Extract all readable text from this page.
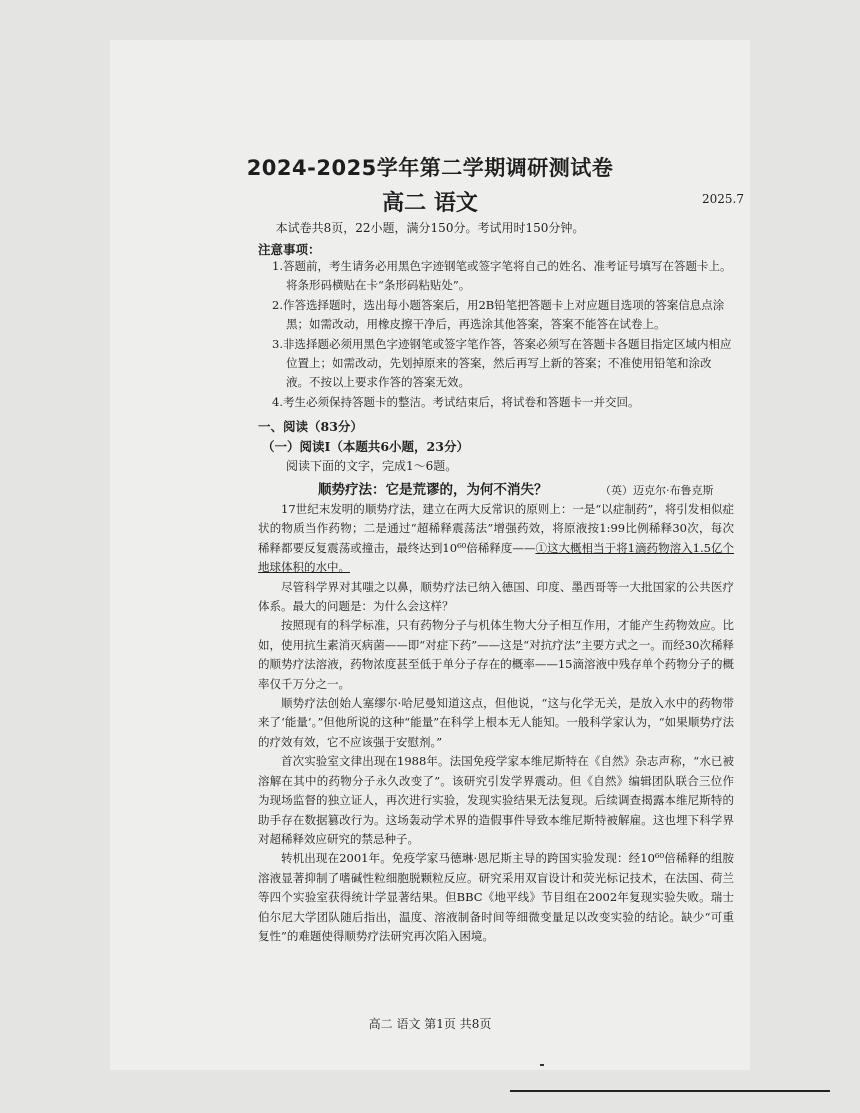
2024-2025学年第二学期调研测试卷
高二 语文	2025.7
本试卷共8页，22小题，满分150分。考试用时150分钟。
注意事项：
1.答题前，考生请务必用黑色字迹钢笔或签字笔将自己的姓名、准考证号填写在答题卡上。将条形码横贴在卡“条形码粘贴处”。
2.作答选择题时，选出每小题答案后，用2B铅笔把答题卡上对应题目选项的答案信息点涂黑；如需改动，用橡皮擦干净后，再选涂其他答案，答案不能答在试卷上。
3.非选择题必须用黑色字迹钢笔或签字笔作答，答案必须写在答题卡各题目指定区域内相应位置上；如需改动，先划掉原来的答案，然后再写上新的答案；不准使用铅笔和涂改液。不按以上要求作答的答案无效。
4.考生必须保持答题卡的整洁。考试结束后，将试卷和答题卡一并交回。
一、阅读（83分）
（一）阅读Ⅰ（本题共6小题，23分）
阅读下面的文字，完成1～6题。
顺势疗法：它是荒谬的，为何不消失？	（英）迈克尔·布鲁克斯

17世纪末发明的顺势疗法，建立在两大反常识的原则上：一是“以症制药”，将引发相似症状的物质当作药物；二是通过“超稀释震荡法”增强药效，将原液按1:99比例稀释30次，每次稀释都要反复震荡或撞击，最终达到10⁶⁰倍稀释度——①这大概相当于将1滴药物溶入1.5亿个地球体积的水中。

尽管科学界对其嗤之以鼻，顺势疗法已纳入德国、印度、墨西哥等一大批国家的公共医疗体系。最大的问题是：为什么会这样？

按照现有的科学标准，只有药物分子与机体生物大分子相互作用，才能产生药物效应。比如，使用抗生素消灭病菌——即“对症下药”——这是“对抗疗法”主要方式之一。而经30次稀释的顺势疗法溶液，药物浓度甚至低于单分子存在的概率——15滴溶液中残存单个药物分子的概率仅千万分之一。

顺势疗法创始人塞缪尔·哈尼曼知道这点，但他说，“这与化学无关，是放入水中的药物带来了‘能量’。”但他所说的这种“能量”在科学上根本无人能知。一般科学家认为，“如果顺势疗法的疗效有效，它不应该强于安慰剂。”

首次实验室文律出现在1988年。法国免疫学家本维尼斯特在《自然》杂志声称，“水已被溶解在其中的药物分子永久改变了”。该研究引发学界震动。但《自然》编辑团队联合三位作为现场监督的独立证人，再次进行实验，发现实验结果无法复现。后续调查揭露本维尼斯特的助手存在数据篡改行为。这场轰动学术界的造假事件导致本维尼斯特被解雇。这也埋下科学界对超稀释效应研究的禁忌种子。

转机出现在2001年。免疫学家马德琳·恩尼斯主导的跨国实验发现：经10⁶⁰倍稀释的组胺溶液显著抑制了嗜碱性粒细胞脱颗粒反应。研究采用双盲设计和荧光标记技术，在法国、荷兰等四个实验室获得统计学显著结果。但BBC《地平线》节目组在2002年复现实验失败。瑞士伯尔尼大学团队随后指出，温度、溶液制备时间等细微变量足以改变实验的结论。缺少“可重复性”的难题使得顺势疗法研究再次陷入困境。

高二 语文 第1页 共8页
